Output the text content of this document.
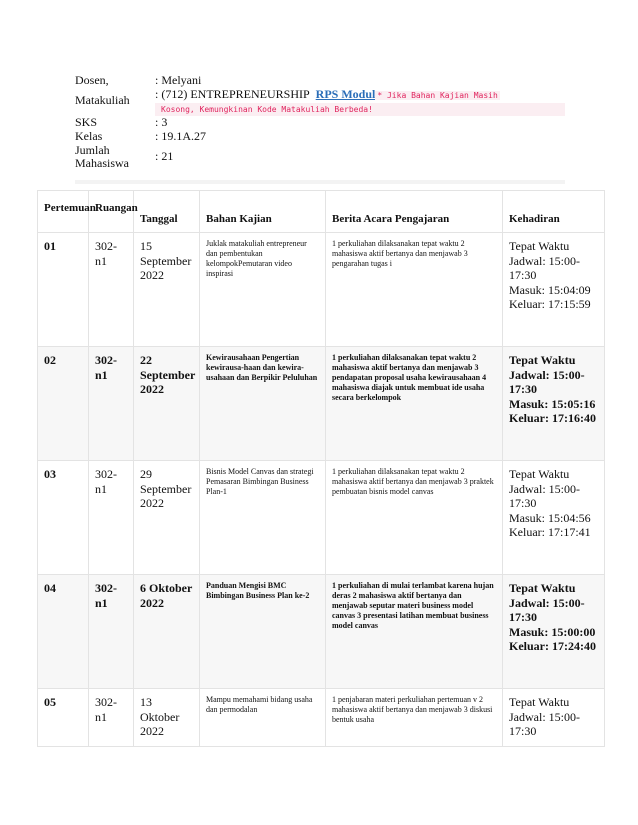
Dosen,	: Melyani
Matakuliah	: (712) ENTREPRENEURSHIP RPS Modul * Jika Bahan Kajian Masih
Kosong, Kemungkinan Kode Matakuliah Berbeda!
SKS	: 3
Kelas	: 19.1A.27
Jumlah Mahasiswa	: 21
Pertemuan	Ruangan	Tanggal	Bahan Kajian	Berita Acara Pengajaran	Kehadiran
01	302-n1	15 September 2022	Juklak matakuliah entrepreneur dan pembentukan kelompokPemutaran video inspirasi	1 perkuliahan dilaksanakan tepat waktu 2 mahasiswa aktif bertanya dan menjawab 3 pengarahan tugas i	Tepat Waktu
Jadwal: 15:00-17:30
Masuk: 15:04:09
Keluar: 17:15:59

02	302-n1	22 September 2022	Kewirausahaan Pengertian kewirausa-haan dan kewira-usahaan dan Berpikir Peluluhan	1 perkuliahan dilaksanakan tepat waktu 2 mahasiswa aktif bertanya dan menjawab 3 pendapatan proposal usaha kewirausahaan 4 mahasiswa diajak untuk membuat ide usaha secara berkelompok	Tepat Waktu
Jadwal: 15:00-17:30
Masuk: 15:05:16
Keluar: 17:16:40

03	302-n1	29 September 2022	Bisnis Model Canvas dan strategi Pemasaran Bimbingan Business Plan-1	1 perkuliahan dilaksanakan tepat waktu 2 mahasiswa aktif bertanya dan menjawab 3 praktek pembuatan bisnis model canvas	Tepat Waktu
Jadwal: 15:00-17:30
Masuk: 15:04:56
Keluar: 17:17:41

04	302-n1	6 Oktober 2022	Panduan Mengisi BMC Bimbingan Business Plan ke-2	1 perkuliahan di mulai terlambat karena hujan deras 2 mahasiswa aktif bertanya dan menjawab seputar materi business model canvas 3 presentasi latihan membuat business model canvas	Tepat Waktu
Jadwal: 15:00-17:30
Masuk: 15:00:00
Keluar: 17:24:40

05	302-n1	13 Oktober 2022	Mampu memahami bidang usaha dan permodalan	1 penjabaran materi perkuliahan pertemuan v 2 mahasiswa aktif bertanya dan menjawab 3 diskusi bentuk usaha	Tepat Waktu
Jadwal: 15:00-17:30
